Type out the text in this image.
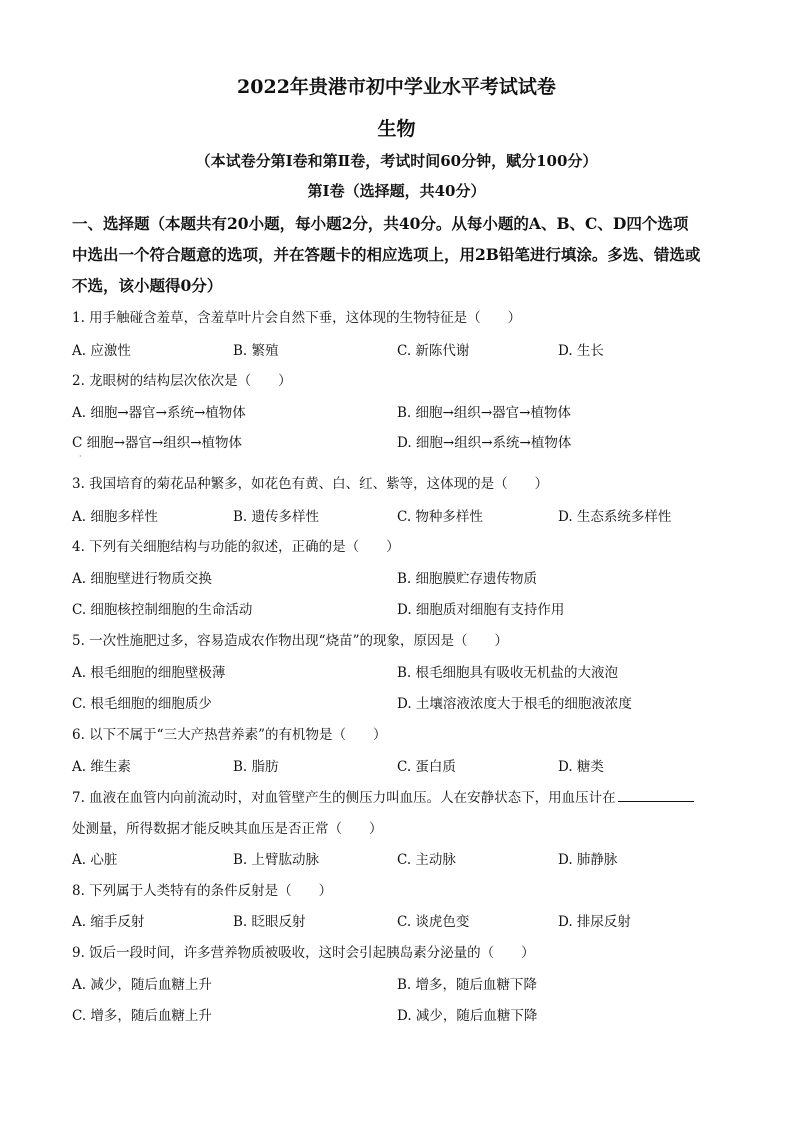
2022年贵港市初中学业水平考试试卷
生物
（本试卷分第Ⅰ卷和第Ⅱ卷，考试时间60分钟，赋分100分）
第Ⅰ卷（选择题，共40分）
一、选择题（本题共有20小题，每小题2分，共40分。从每小题的A、B、C、D四个选项
中选出一个符合题意的选项，并在答题卡的相应选项上，用2B铅笔进行填涂。多选、错选或
不选，该小题得0分）
1. 用手触碰含羞草，含羞草叶片会自然下垂，这体现的生物特征是（　　）
A. 应激性	B. 繁殖	C. 新陈代谢	D. 生长
2. 龙眼树的结构层次依次是（　　）
A. 细胞→器官→系统→植物体	B. 细胞→组织→器官→植物体
C 细胞→器官→组织→植物体	D. 细胞→组织→系统→植物体
·
3. 我国培育的菊花品种繁多，如花色有黄、白、红、紫等，这体现的是（　　）
A. 细胞多样性	B. 遗传多样性	C. 物种多样性	D. 生态系统多样性
4. 下列有关细胞结构与功能的叙述，正确的是（　　）
A. 细胞壁进行物质交换	B. 细胞膜贮存遗传物质
C. 细胞核控制细胞的生命活动	D. 细胞质对细胞有支持作用
5. 一次性施肥过多，容易造成农作物出现“烧苗”的现象，原因是（　　）
A. 根毛细胞的细胞壁极薄	B. 根毛细胞具有吸收无机盐的大液泡
C. 根毛细胞的细胞质少	D. 土壤溶液浓度大于根毛的细胞液浓度
6. 以下不属于“三大产热营养素”的有机物是（　　）
A. 维生素	B. 脂肪	C. 蛋白质	D. 糖类
7. 血液在血管内向前流动时，对血管壁产生的侧压力叫血压。人在安静状态下，用血压计在
处测量，所得数据才能反映其血压是否正常（　　）
A. 心脏	B. 上臂肱动脉	C. 主动脉	D. 肺静脉
8. 下列属于人类特有的条件反射是（　　）
A. 缩手反射	B. 眨眼反射	C. 谈虎色变	D. 排尿反射
9. 饭后一段时间，许多营养物质被吸收，这时会引起胰岛素分泌量的（　　）
A. 减少，随后血糖上升	B. 增多，随后血糖下降
C. 增多，随后血糖上升	D. 减少，随后血糖下降
